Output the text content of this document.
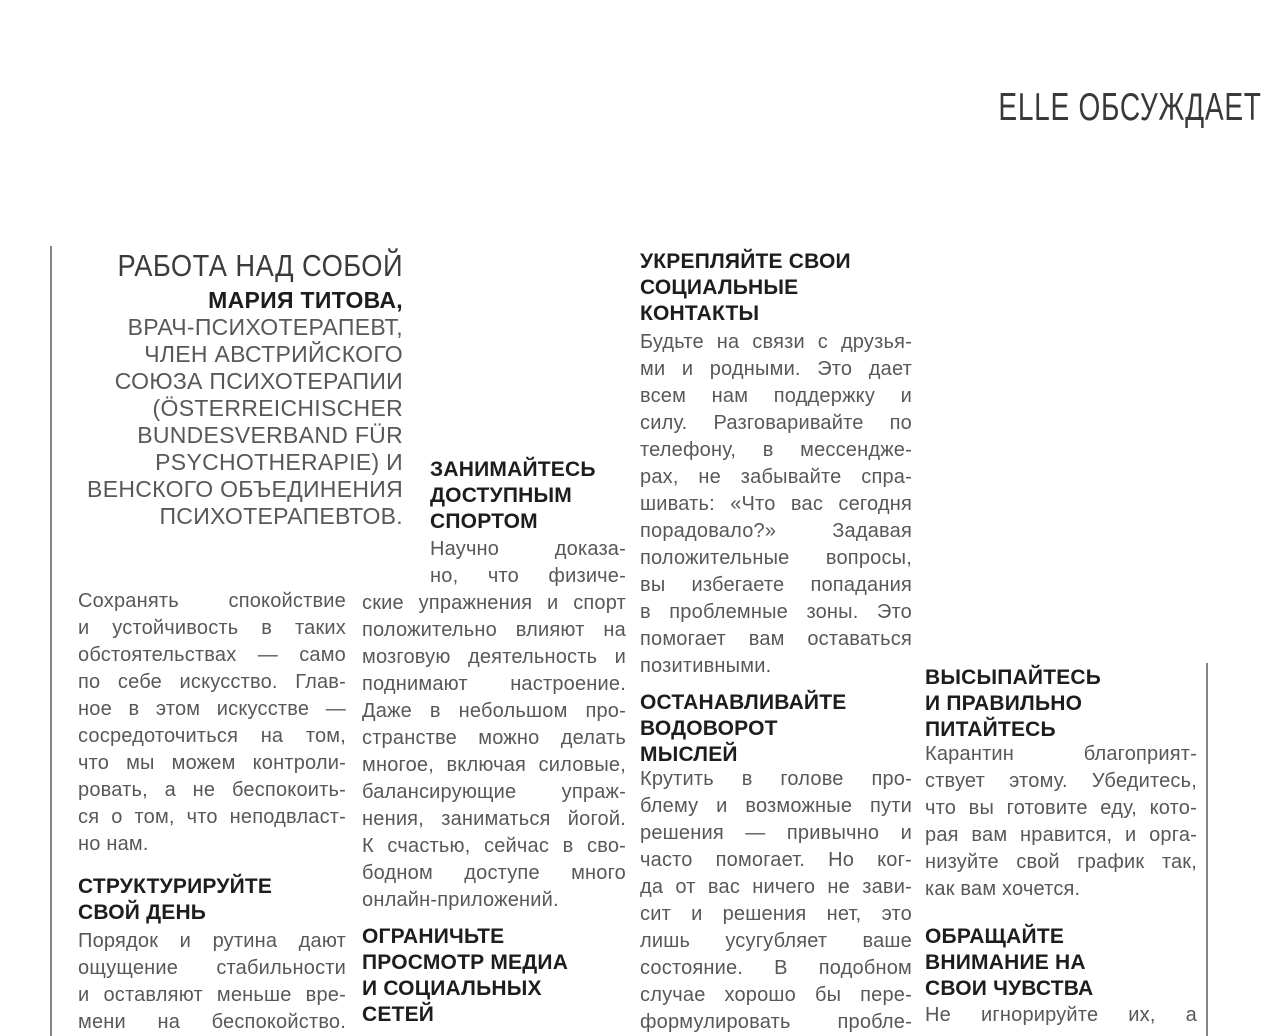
ELLE ОБСУЖДАЕТ
РАБОТА НАД СОБОЙ
МАРИЯ ТИТОВА,
ВРАЧ-ПСИХОТЕРАПЕВТ,
ЧЛЕН АВСТРИЙСКОГО
СОЮЗА ПСИХОТЕРАПИИ
(ÖSTERREICHISCHER
BUNDESVERBAND FÜR
PSYCHOTHERAPIE) И
ВЕНСКОГО ОБЪЕДИНЕНИЯ
ПСИХОТЕРАПЕВТОВ.
Сохранять спокойствие
и устойчивость в таких
обстоятельствах — само
по себе искусство. Глав-
ное в этом искусстве —
сосредоточиться на том,
что мы можем контроли-
ровать, а не беспокоить-
ся о том, что неподвласт-
но нам.
СТРУКТУРИРУЙТЕ
СВОЙ ДЕНЬ
Порядок и рутина дают
ощущение стабильности
и оставляют меньше вре-
мени на беспокойство.
ЗАНИМАЙТЕСЬ
ДОСТУПНЫМ
СПОРТОМ
Научно доказа-
но, что физиче-
ские упражнения и спорт
положительно влияют на
мозговую деятельность и
поднимают настроение.
Даже в небольшом про-
странстве можно делать
многое, включая силовые,
балансирующие упраж-
нения, заниматься йогой.
К счастью, сейчас в сво-
бодном доступе много
онлайн-приложений.
ОГРАНИЧЬТЕ
ПРОСМОТР МЕДИА
И СОЦИАЛЬНЫХ
СЕТЕЙ
УКРЕПЛЯЙТЕ СВОИ
СОЦИАЛЬНЫЕ
КОНТАКТЫ
Будьте на связи с друзья-
ми и родными. Это дает
всем нам поддержку и
силу. Разговаривайте по
телефону, в мессендже-
рах, не забывайте спра-
шивать: «Что вас сегодня
порадовало?» Задавая
положительные вопросы,
вы избегаете попадания
в проблемные зоны. Это
помогает вам оставаться
позитивными.
ОСТАНАВЛИВАЙТЕ
ВОДОВОРОТ
МЫСЛЕЙ
Крутить в голове про-
блему и возможные пути
решения — привычно и
часто помогает. Но ког-
да от вас ничего не зави-
сит и решения нет, это
лишь усугубляет ваше
состояние. В подобном
случае хорошо бы пере-
формулировать пробле-
ВЫСЫПАЙТЕСЬ
И ПРАВИЛЬНО
ПИТАЙТЕСЬ
Карантин благоприят-
ствует этому. Убедитесь,
что вы готовите еду, кото-
рая вам нравится, и орга-
низуйте свой график так,
как вам хочется.
ОБРАЩАЙТЕ
ВНИМАНИЕ НА
СВОИ ЧУВСТВА
Не игнорируйте их, а
